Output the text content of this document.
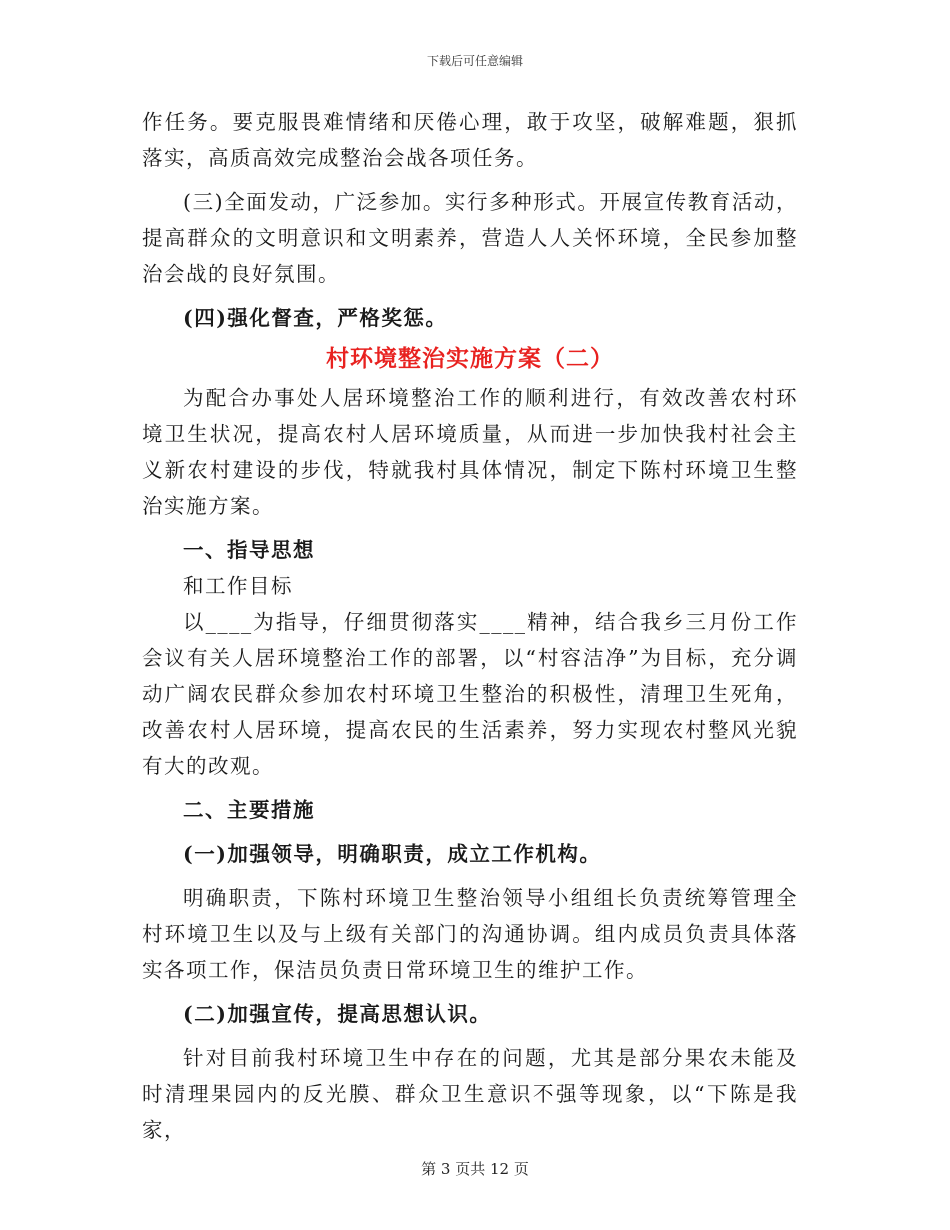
下载后可任意编辑

作任务。要克服畏难情绪和厌倦心理，敢于攻坚，破解难题，狠抓落实，高质高效完成整治会战各项任务。

(三)全面发动，广泛参加。实行多种形式。开展宣传教育活动，提高群众的文明意识和文明素养，营造人人关怀环境，全民参加整治会战的良好氛围。

(四)强化督查，严格奖惩。

村环境整治实施方案（二）

为配合办事处人居环境整治工作的顺利进行，有效改善农村环境卫生状况，提高农村人居环境质量，从而进一步加快我村社会主义新农村建设的步伐，特就我村具体情况，制定下陈村环境卫生整治实施方案。

一、指导思想

和工作目标

以____为指导，仔细贯彻落实____精神，结合我乡三月份工作会议有关人居环境整治工作的部署，以“村容洁净”为目标，充分调动广阔农民群众参加农村环境卫生整治的积极性，清理卫生死角，改善农村人居环境，提高农民的生活素养，努力实现农村整风光貌有大的改观。

二、主要措施

(一)加强领导，明确职责，成立工作机构。

明确职责，下陈村环境卫生整治领导小组组长负责统筹管理全村环境卫生以及与上级有关部门的沟通协调。组内成员负责具体落实各项工作，保洁员负责日常环境卫生的维护工作。

(二)加强宣传，提高思想认识。

针对目前我村环境卫生中存在的问题，尤其是部分果农未能及时清理果园内的反光膜、群众卫生意识不强等现象，以“下陈是我家，

第 3 页共 12 页
